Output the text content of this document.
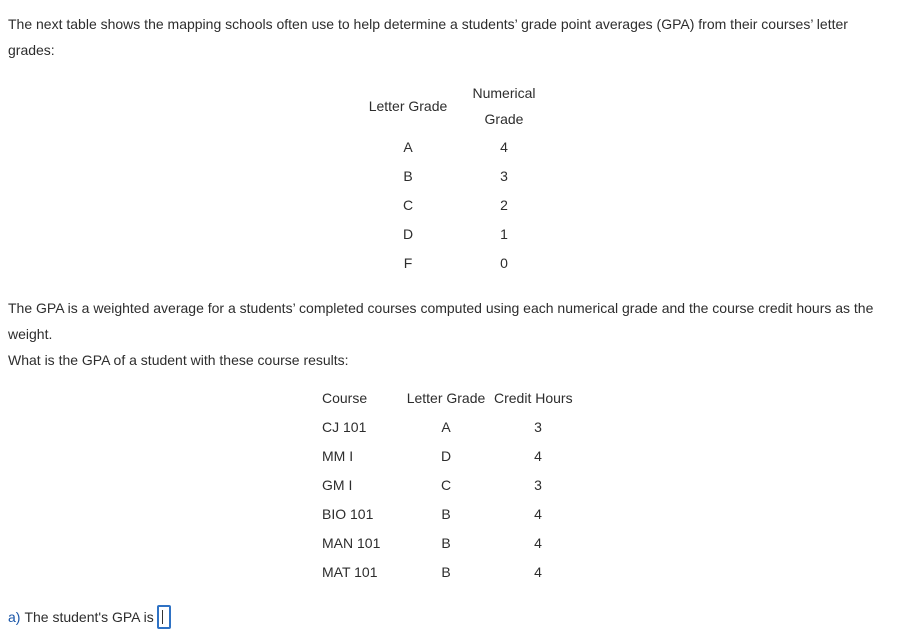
The next table shows the mapping schools often use to help determine a students’ grade point averages (GPA) from their courses’ letter grades:

Letter Grade	Numerical Grade
A	4
B	3
C	2
D	1
F	0

The GPA is a weighted average for a students’ completed courses computed using each numerical grade and the course credit hours as the weight.

What is the GPA of a student with these course results:

Course	Letter Grade	Credit Hours
CJ 101	A	3
MM I	D	4
GM I	C	3
BIO 101	B	4
MAN 101	B	4
MAT 101	B	4
a) The student's GPA is
